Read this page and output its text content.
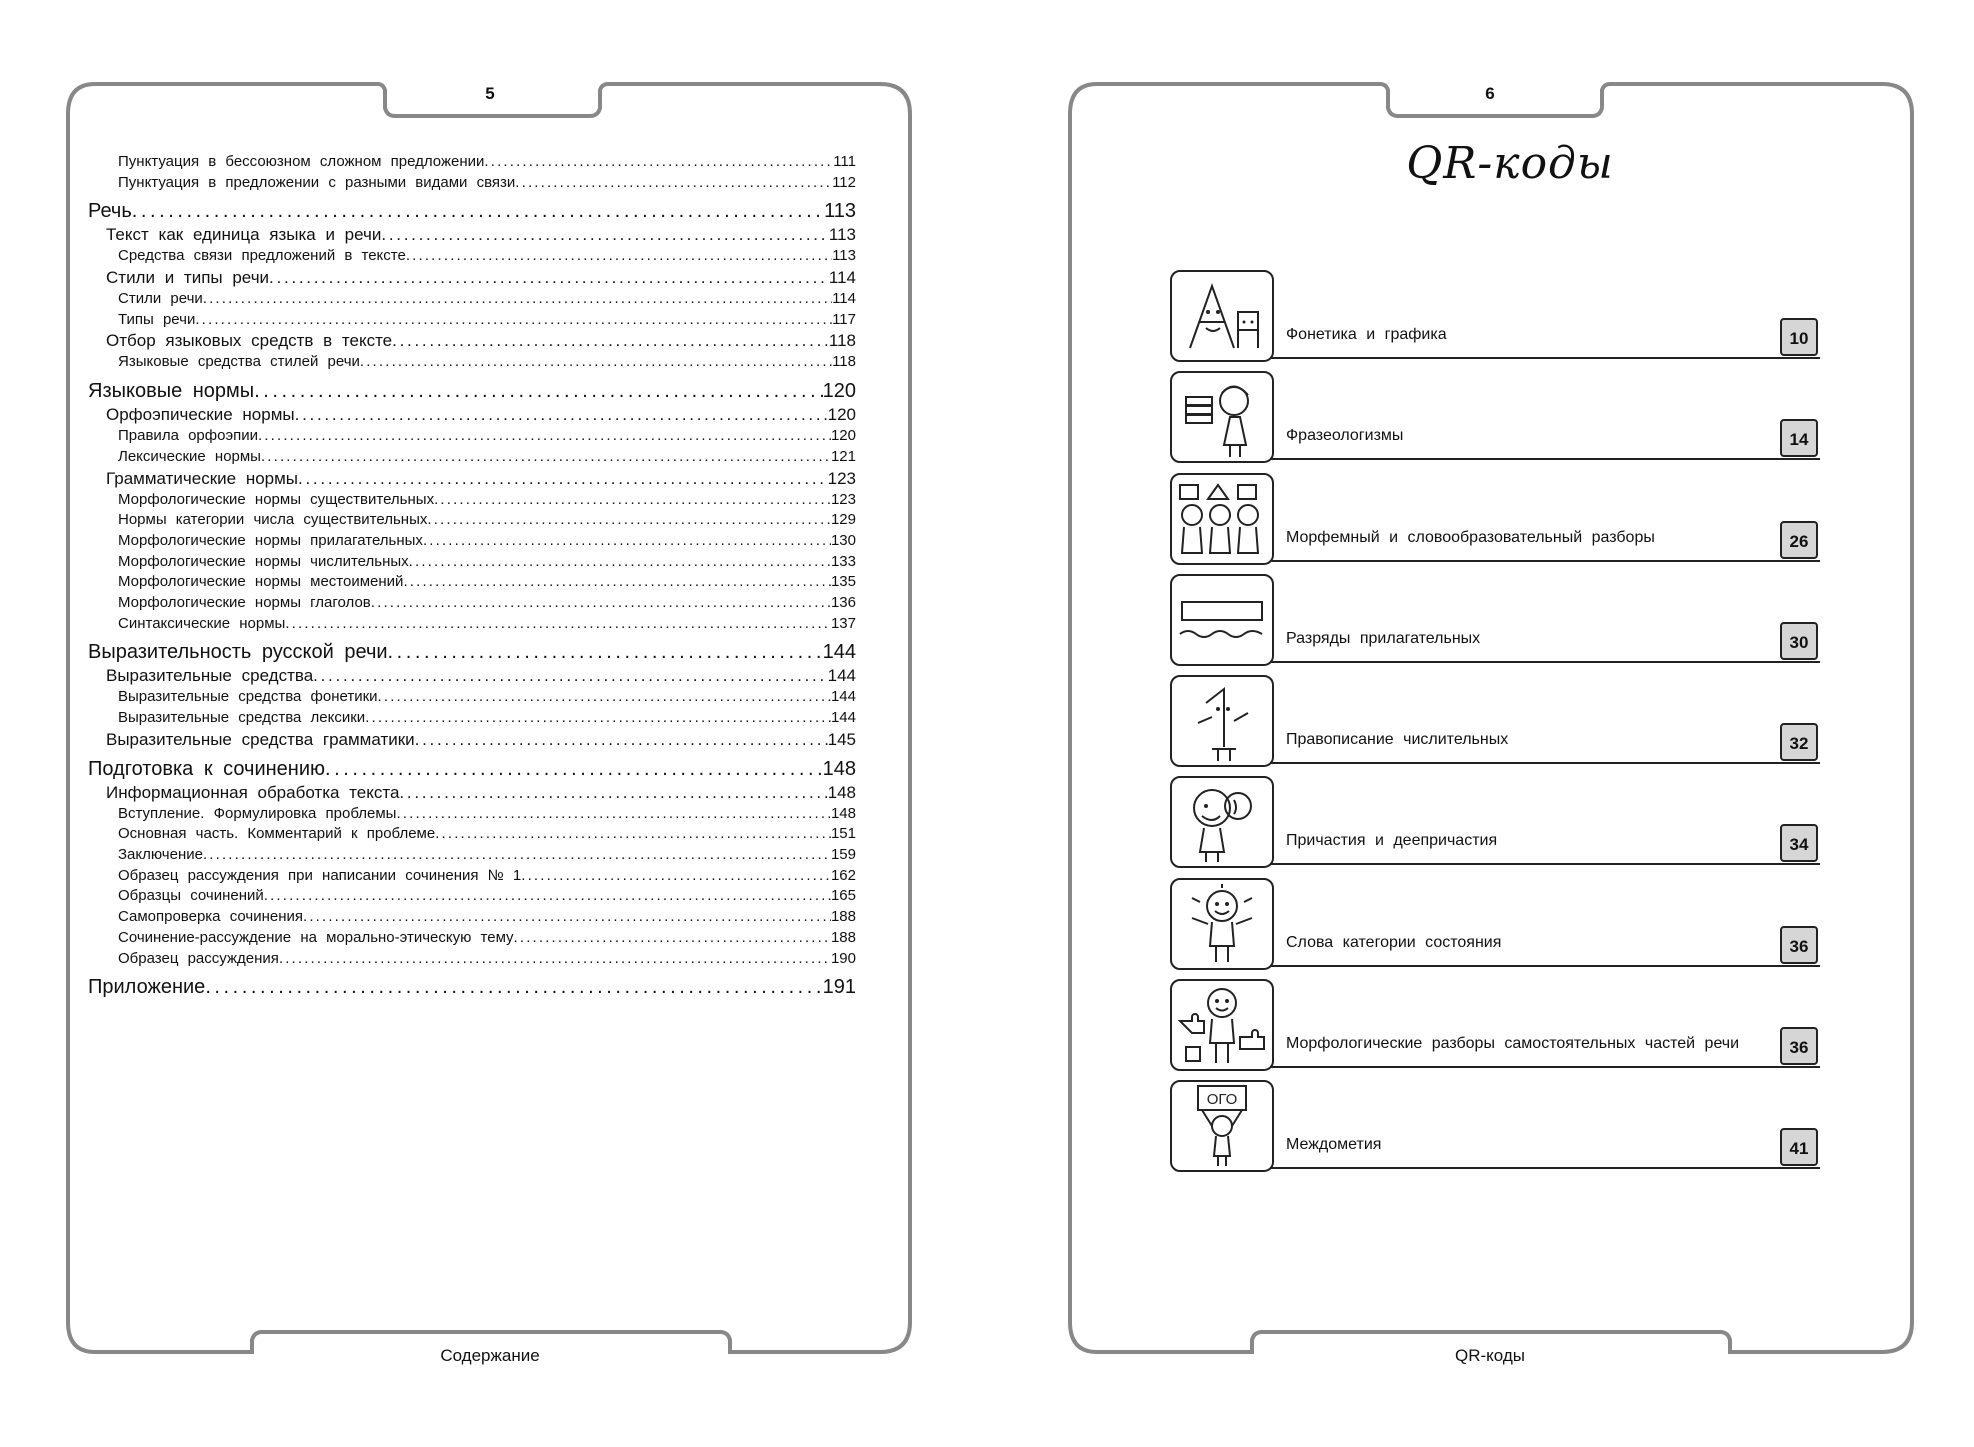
5
Содержание
Пунктуация в бессоюзном сложном предложении . . .	111
Пунктуация в предложении с разными видами связи . . .	112
Речь . . .	113
Текст как единица языка и речи . . .	113
Средства связи предложений в тексте . . .	113
Стили и типы речи . . .	114
Стили речи . . .	114
Типы речи . . .	117
Отбор языковых средств в тексте . . .	118
Языковые средства стилей речи . . .	118
Языковые нормы . . .	120
Орфоэпические нормы . . .	120
Правила орфоэпии . . .	120
Лексические нормы . . .	121
Грамматические нормы . . .	123
Морфологические нормы существительных . . .	123
Нормы категории числа существительных . . .	129
Морфологические нормы прилагательных . . .	130
Морфологические нормы числительных . . .	133
Морфологические нормы местоимений . . .	135
Морфологические нормы глаголов . . .	136
Синтаксические нормы . . .	137
Выразительность русской речи . . .	144
Выразительные средства . . .	144
Выразительные средства фонетики . . .	144
Выразительные средства лексики . . .	144
Выразительные средства грамматики . . .	145
Подготовка к сочинению . . .	148
Информационная обработка текста . . .	148
Вступление. Формулировка проблемы . . .	148
Основная часть. Комментарий к проблеме . . .	151
Заключение . . .	159
Образец рассуждения при написании сочинения № 1 . . .	162
Образцы сочинений . . .	165
Самопроверка сочинения . . .	188
Сочинение-рассуждение на морально-этическую тему . . .	188
Образец рассуждения . . .	190
Приложение . . .	191
6
QR-коды
QR-коды
Фонетика и графика	10
Фразеологизмы	14
Морфемный и словообразовательный разборы	26
Разряды прилагательных	30
Правописание числительных	32
Причастия и деепричастия	34
Слова категории состояния	36
Морфологические разборы самостоятельных частей речи	36
ОГО
Междометия	41
